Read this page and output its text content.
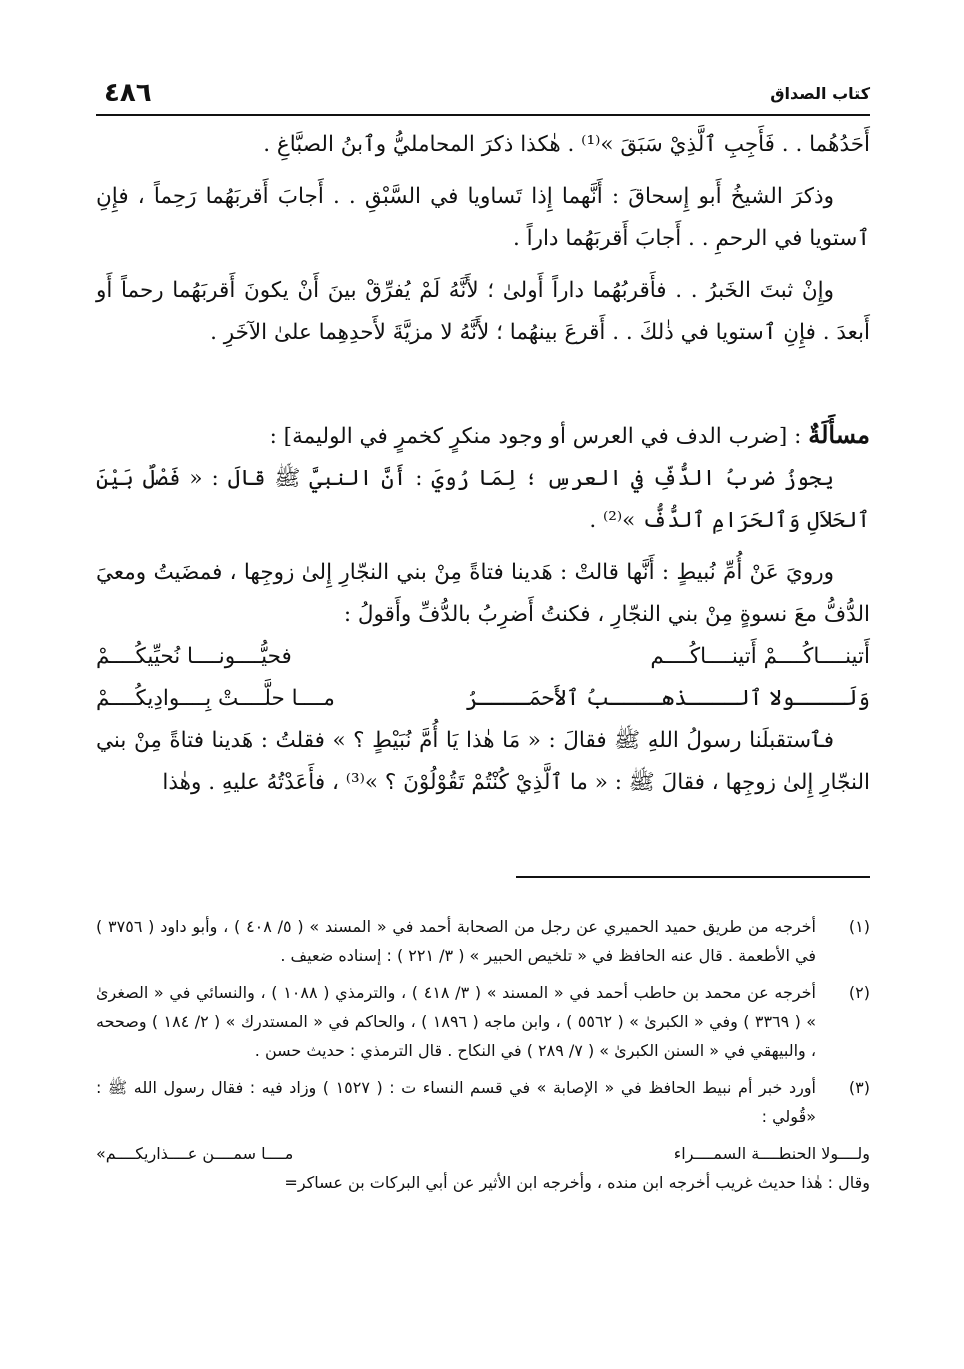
٤٨٦	كتاب الصداق

أَحَدُهُما . . فَأَجِبِ ٱلَّذِيْ سَبَقَ »⁽¹⁾ . هٰكذا ذكرَ المحامليُّ وٱبنُ الصبَّاغِ .

وذكرَ الشيخُ أَبو إِسحاقَ : أَنَّهما إِذا تَساويا في السَّبْقِ . . أَجابَ أَقربَهُما رَحِماً ، فإِنِ ٱستويا في الرحمِ . . أَجابَ أَقربَهُما داراً .

وإِنْ ثبتَ الخَبرُ . . فأَقربُهُما داراً أَولىٰ ؛ لأَنَّهُ لَمْ يُفرِّقْ بينَ أَنْ يكونَ أَقربَهُما رحماً أَو أَبعدَ . فإِنِ ٱستويا في ذٰلكَ . . أَقرعَ بينهُما ؛ لأَنَّهُ لا مزيَّةَ لأَحدِهِما علىٰ الآخَرِ .

مسأَلَةٌ : [ضرب الدف في العرس أو وجود منكرٍ كخمرٍ في الوليمة] :

يجوزُ ضربُ الدُّفِّ في العرسِ ؛ لِمَا رُويَ : أَنَّ النبيَّ ﷺ قالَ : « فَصْلٌ بَيْنَ ٱلحَلاَلِ وَٱلحَرَامِ ٱلدُّفُّ »⁽²⁾ .

ورويَ عَنْ أُمِّ نُبيطٍ : أَنَّها قالتْ : هَدينا فتاةً مِنْ بني النجّارِ إِلىٰ زوجِها ، فمضَيتُ ومعيَ الدُّفُّ معَ نسوةٍ مِنْ بني النجّارِ ، فكنتُ أَضرِبُ بالدُّفِّ وأَقولُ :

أَتينــــاكُــــمْ أَتينــــاكُــــم
فحيُّــــونــــا نُحيِّيكُــــمْ
وَلَــــولا ٱلــــذهــــبُ ٱلأَحمَــــرُ
مــــا حلَّــــتْ بِــــوادِيكُــــمْ

فٱستقبلَنا رسولُ اللهِ ﷺ فقالَ : « مَا هٰذا يَا أُمَّ نُبَيْطٍ ؟ » فقلتُ : هَدينا فتاةً مِنْ بني النجّارِ إِلىٰ زوجِها ، فقالَ ﷺ : « ما ٱلَّذِيْ كُنْتُمْ تَقُوْلُوْنَ ؟ »⁽³⁾ ، فأَعَدْتُهُ عليهِ . وهٰذا

(١)
أخرجه من طريق حميد الحميري عن رجل من الصحابة أحمد في « المسند » ( ٥/ ٤٠٨ ) ، وأبو داود ( ٣٧٥٦ ) في الأطعمة . قال عنه الحافظ في « تلخيص الحبير » ( ٣/ ٢٢١ ) : إسناده ضعيف .
(٢)
أخرجه عن محمد بن حاطب أحمد في « المسند » ( ٣/ ٤١٨ ) ، والترمذي ( ١٠٨٨ ) ، والنسائي في « الصغرىٰ » ( ٣٣٦٩ ) وفي « الكبرىٰ » ( ٥٥٦٢ ) ، وابن ماجه ( ١٨٩٦ ) ، والحاكم في « المستدرك » ( ٢/ ١٨٤ ) وصححه ، والبيهقي في « السنن الكبرىٰ » ( ٧/ ٢٨٩ ) في النكاح . قال الترمذي : حديث حسن .
(٣)
أورد خبر أم نبيط الحافظ في « الإصابة » في قسم النساء ت : ( ١٥٢٧ ) وزاد فيه : فقال رسول الله ﷺ : «قُولي :
ولــــولا الحنطــــة السمــــراء
مــــا سمــــن عــــذاريكــــم»
وقال : هٰذا حديث غريب أخرجه ابن منده ، وأخرجه ابن الأثير عن أبي البركات بن عساكر=
